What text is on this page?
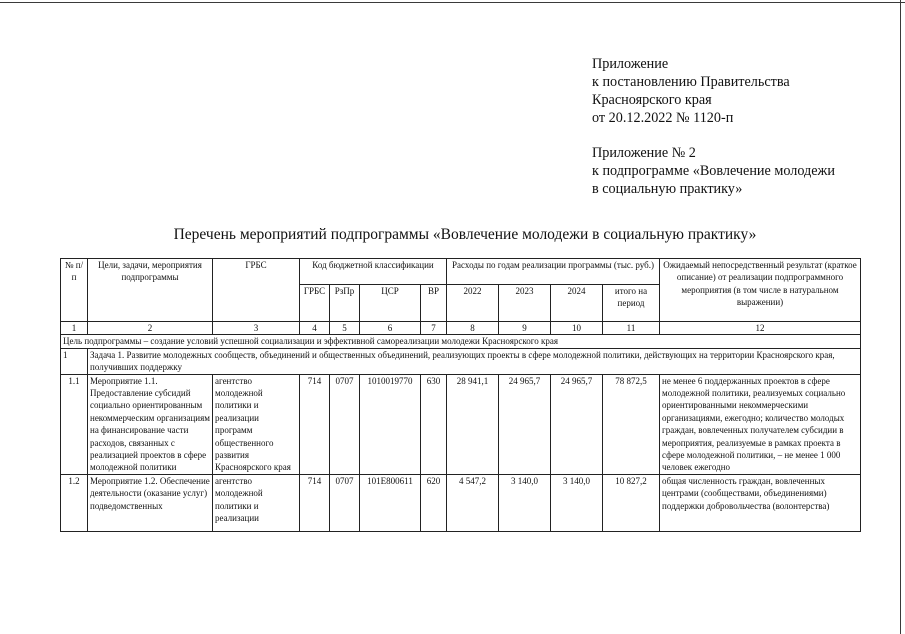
Приложение
к постановлению Правительства
Красноярского края
от 20.12.2022 № 1120-п
Приложение № 2
к подпрограмме «Вовлечение молодежи
в социальную практику»
Перечень мероприятий подпрограммы «Вовлечение молодежи в социальную практику»
№ п/п	Цели, задачи, мероприятия подпрограммы	ГРБС	Код бюджетной классификации				Расходы по годам реализации программы (тыс. руб.)				Ожидаемый непосредственный результат (краткое описание) от реализации подпрограммного мероприятия (в том числе в натуральном выражении)
			ГРБС	РзПр	ЦСР	ВР	2022	2023	2024	итого на период	
1	2	3	4	5	6	7	8	9	10	11	12
Цель подпрограммы – создание условий успешной социализации и эффективной самореализации молодежи Красноярского края											
1	Задача 1. Развитие молодежных сообществ, объединений и общественных объединений, реализующих проекты в сфере молодежной политики, действующих на территории Красноярского края, получивших поддержку										
1.1	Мероприятие 1.1. Предоставление субсидий социально ориентированным некоммерческим организациям на финансирование части расходов, связанных с реализацией проектов в сфере молодежной политики	агентство молодежной политики и реализации программ общественного развития Красноярского края	714	0707	1010019770	630	28 941,1	24 965,7	24 965,7	78 872,5	не менее 6 поддержанных проектов в сфере молодежной политики, реализуемых социально ориентированными некоммерческими организациями, ежегодно; количество молодых граждан, вовлеченных получателем субсидии в мероприятия, реализуемые в рамках проекта в сфере молодежной политики, – не менее 1 000 человек ежегодно
1.2	Мероприятие 1.2. Обеспечение деятельности (оказание услуг) подведомственных	агентство молодежной политики и реализации	714	0707	101Е800611	620	4 547,2	3 140,0	3 140,0	10 827,2	общая численность граждан, вовлеченных центрами (сообществами, объединениями) поддержки добровольчества (волонтерства)
